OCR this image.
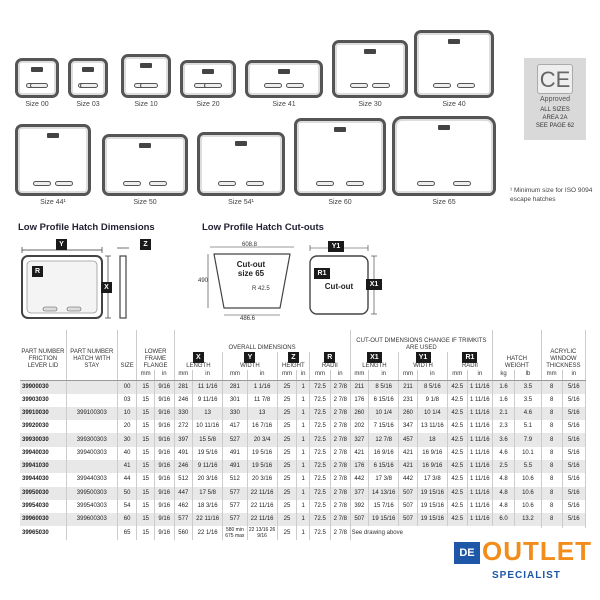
Size 00	Size 03	Size 10	Size 20	Size 41	Size 30	Size 40
Size 44¹	Size 50	Size 54¹	Size 60	Size 65
CE
Approved
ALL SIZES
AREA 2A
SEE PAGE 62
¹ Minimum size for ISO 9094 escape hatches
Low Profile Hatch Dimensions	Low Profile Hatch Cut-outs
Y	Z
R
X
608.8
490
R 42.5
486.6
Cut-out
size 65
Y1
R1
X1
Cut-out
PART NUMBER FRICTION LEVER LID	PART NUMBER HATCH WITH STAY	SIZE	LOWER FRAME FLANGE		OVERALL DIMENSIONS								CUT-OUT DIMENSIONS CHANGE IF TRIMKITS ARE USED						HATCH WEIGHT		ACRYLIC WINDOW THICKNESS	
					X
LENGTH		Y
WIDTH		Z
HEIGHT		R
RADII		X1
LENGTH		Y1
WIDTH		R1
RADII					
			mm	in	mm	in	mm	in	mm	in	mm	in	mm	in	mm	in	mm	in	kg	lb	mm	in
39900030		00	15	9/16	281	11 1/16	281	1 1/16	25	1	72.5	2 7/8	211	8 5/16	211	8 5/16	42.5	1 11/16	1.6	3.5	8	5/16
39903030		03	15	9/16	246	9 11/16	301	11 7/8	25	1	72.5	2 7/8	176	6 15/16	231	9 1/8	42.5	1 11/16	1.6	3.5	8	5/16
39910030	399100303	10	15	9/16	330	13	330	13	25	1	72.5	2 7/8	260	10 1/4	260	10 1/4	42.5	1 11/16	2.1	4.6	8	5/16
39920030		20	15	9/16	272	10 11/16	417	16 7/16	25	1	72.5	2 7/8	202	7 15/16	347	13 11/16	42.5	1 11/16	2.3	5.1	8	5/16
39930030	399300303	30	15	9/16	397	15 5/8	527	20 3/4	25	1	72.5	2 7/8	327	12 7/8	457	18	42.5	1 11/16	3.6	7.9	8	5/16
39940030	399400303	40	15	9/16	491	19 5/16	491	19 5/16	25	1	72.5	2 7/8	421	16 9/16	421	16 9/16	42.5	1 11/16	4.6	10.1	8	5/16
39941030		41	15	9/16	246	9 11/16	491	19 5/16	25	1	72.5	2 7/8	176	6 15/16	421	16 9/16	42.5	1 11/16	2.5	5.5	8	5/16
39944030	399440303	44	15	9/16	512	20 3/16	512	20 3/16	25	1	72.5	2 7/8	442	17 3/8	442	17 3/8	42.5	1 11/16	4.8	10.6	8	5/16
39950030	399500303	50	15	9/16	447	17 5/8	577	22 11/16	25	1	72.5	2 7/8	377	14 13/16	507	19 15/16	42.5	1 11/16	4.8	10.6	8	5/16
39954030	399540303	54	15	9/16	462	18 3/16	577	22 11/16	25	1	72.5	2 7/8	392	15 7/16	507	19 15/16	42.5	1 11/16	4.8	10.6	8	5/16
39960030	399600303	60	15	9/16	577	22 11/16	577	22 11/16	25	1	72.5	2 7/8	507	19 15/16	507	19 15/16	42.5	1 11/16	6.0	13.2	8	5/16
39965030		65	15	9/16	560	22 1/16	580 min 675 max	22 13/16 26 9/16	25	1	72.5	2 7/8	See drawing above		
DE OUTLET
SPECIALIST
